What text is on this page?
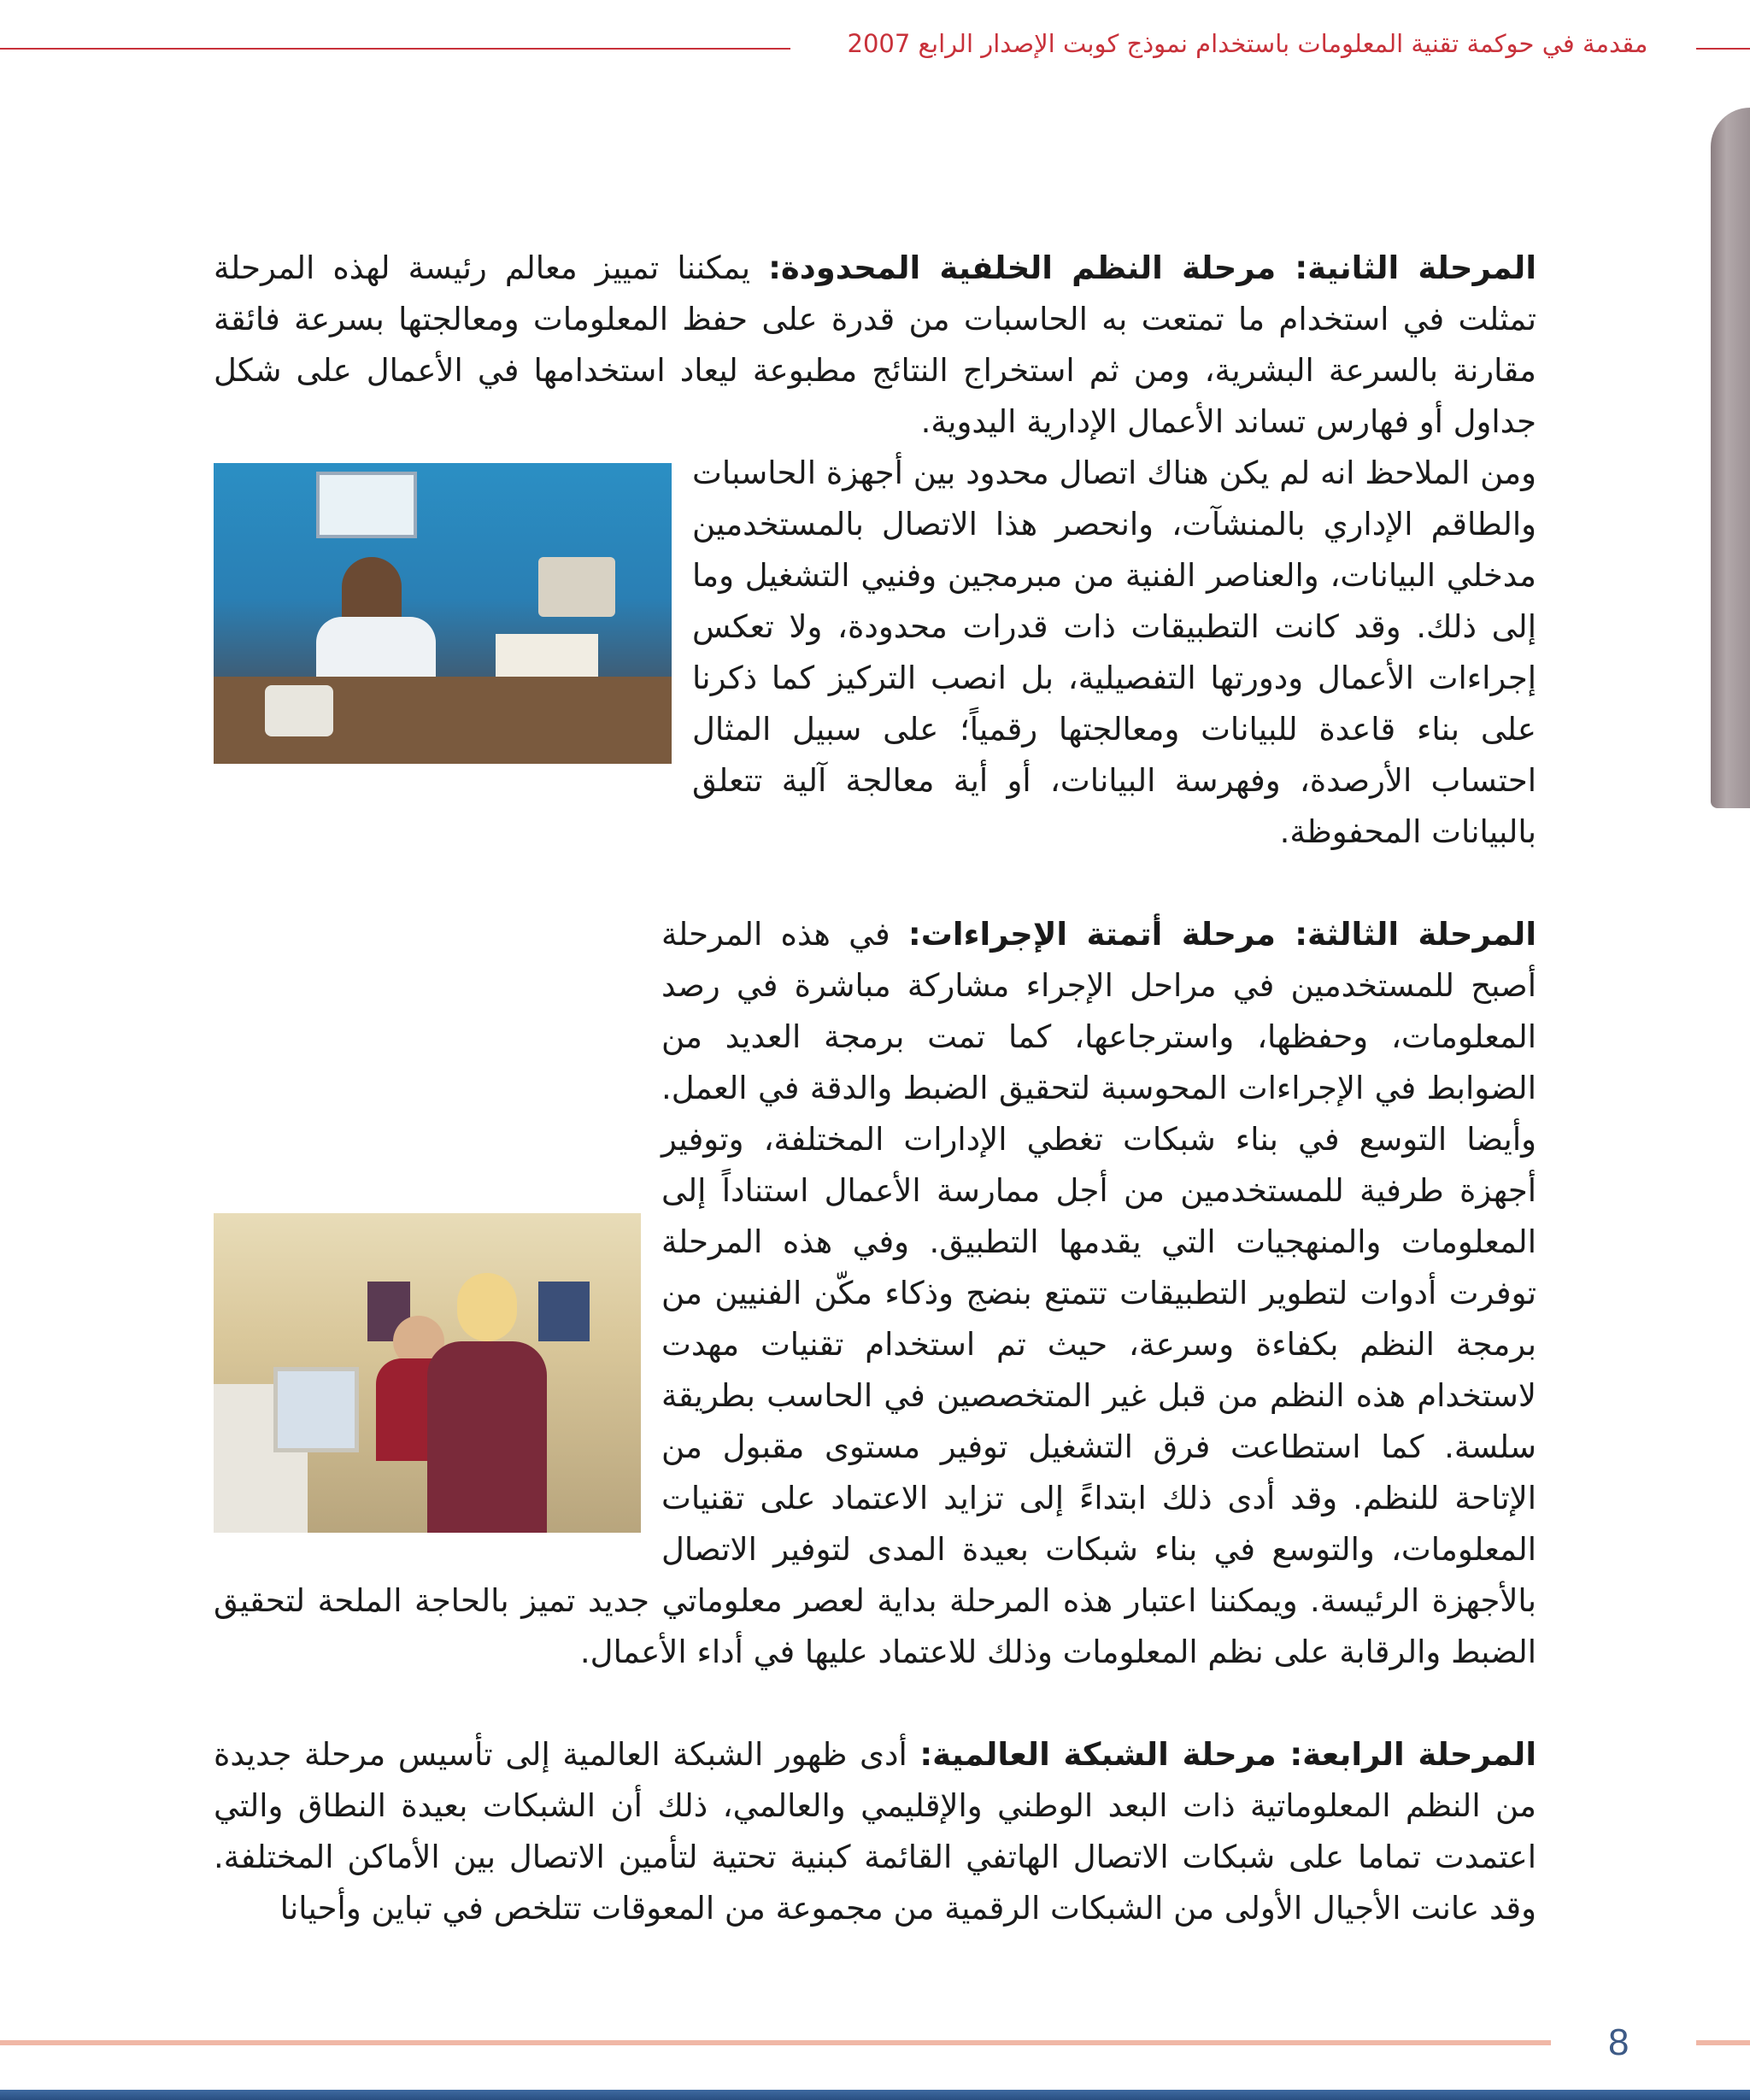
مقدمة في حوكمة تقنية المعلومات باستخدام نموذج كوبت الإصدار الرابع 2007

المرحلة الثانية: مرحلة النظم الخلفية المحدودة: يمكننا تمييز معالم رئيسة لهذه المرحلة تمثلت في استخدام ما تمتعت به الحاسبات من قدرة على حفظ المعلومات ومعالجتها بسرعة فائقة مقارنة بالسرعة البشرية، ومن ثم استخراج النتائج مطبوعة ليعاد استخدامها في الأعمال على شكل جداول أو فهارس تساند الأعمال الإدارية اليدوية.

ومن الملاحظ انه لم يكن هناك اتصال محدود بين أجهزة الحاسبات والطاقم الإداري بالمنشآت، وانحصر هذا الاتصال بالمستخدمين مدخلي البيانات، والعناصر الفنية من مبرمجين وفنيي التشغيل وما إلى ذلك. وقد كانت التطبيقات ذات قدرات محدودة، ولا تعكس إجراءات الأعمال ودورتها التفصيلية، بل انصب التركيز كما ذكرنا على بناء قاعدة للبيانات ومعالجتها رقمياً؛ على سبيل المثال احتساب الأرصدة، وفهرسة البيانات، أو أية معالجة آلية تتعلق بالبيانات المحفوظة.

المرحلة الثالثة: مرحلة أتمتة الإجراءات: في هذه المرحلة أصبح للمستخدمين في مراحل الإجراء مشاركة مباشرة في رصد المعلومات، وحفظها، واسترجاعها، كما تمت برمجة العديد من الضوابط في الإجراءات المحوسبة لتحقيق الضبط والدقة في العمل. وأيضا التوسع في بناء شبكات تغطي الإدارات المختلفة، وتوفير أجهزة طرفية للمستخدمين من أجل ممارسة الأعمال استناداً إلى المعلومات والمنهجيات التي يقدمها التطبيق. وفي هذه المرحلة توفرت أدوات لتطوير التطبيقات تتمتع بنضج وذكاء مكّن الفنيين من برمجة النظم بكفاءة وسرعة، حيث تم استخدام تقنيات مهدت لاستخدام هذه النظم من قبل غير المتخصصين في الحاسب بطريقة سلسة. كما استطاعت فرق التشغيل توفير مستوى مقبول من الإتاحة للنظم. وقد أدى ذلك ابتداءً إلى تزايد الاعتماد على تقنيات المعلومات، والتوسع في بناء شبكات بعيدة المدى لتوفير الاتصال بالأجهزة الرئيسة. ويمكننا اعتبار هذه المرحلة بداية لعصر معلوماتي جديد تميز بالحاجة الملحة لتحقيق الضبط والرقابة على نظم المعلومات وذلك للاعتماد عليها في أداء الأعمال.

المرحلة الرابعة: مرحلة الشبكة العالمية: أدى ظهور الشبكة العالمية إلى تأسيس مرحلة جديدة من النظم المعلوماتية ذات البعد الوطني والإقليمي والعالمي، ذلك أن الشبكات بعيدة النطاق والتي اعتمدت تماما على شبكات الاتصال الهاتفي القائمة كبنية تحتية لتأمين الاتصال بين الأماكن المختلفة. وقد عانت الأجيال الأولى من الشبكات الرقمية من مجموعة من المعوقات تتلخص في تباين وأحيانا

8
